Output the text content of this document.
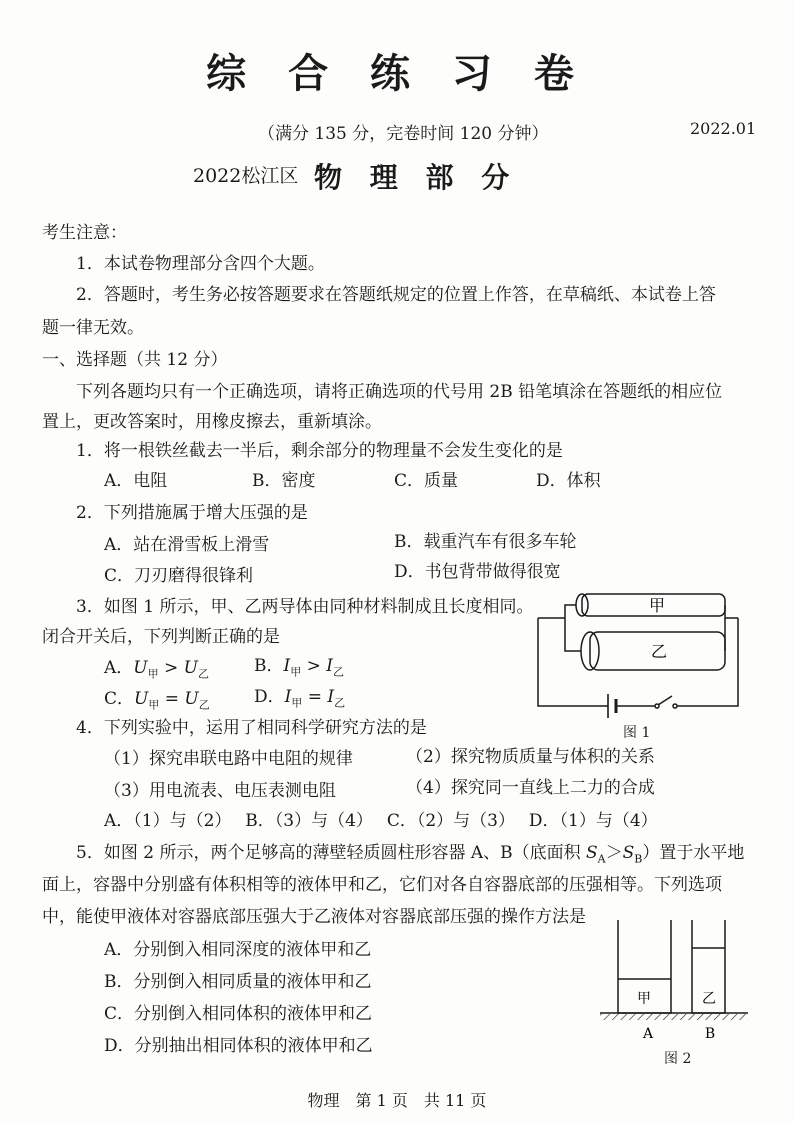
综 合 练 习 卷
（满分 135 分，完卷时间 120 分钟）	2022.01
2022松江区 物 理 部 分
考生注意：
1．本试卷物理部分含四个大题。
2．答题时，考生务必按答题要求在答题纸规定的位置上作答，在草稿纸、本试卷上答
题一律无效。
一、选择题（共 12 分）
下列各题均只有一个正确选项，请将正确选项的代号用 2B 铅笔填涂在答题纸的相应位
置上，更改答案时，用橡皮擦去，重新填涂。
1．将一根铁丝截去一半后，剩余部分的物理量不会发生变化的是
A．电阻	B．密度	C．质量	D．体积
2．下列措施属于增大压强的是
A．站在滑雪板上滑雪	B．载重汽车有很多车轮
C．刀刃磨得很锋利	D．书包背带做得很宽
3．如图 1 所示，甲、乙两导体由同种材料制成且长度相同。
闭合开关后，下列判断正确的是
A．$U_甲 > U_乙$	B．$I_甲 > I_乙$
C．$U_甲 = U_乙$	D．$I_甲 = I_乙$
甲
乙
图 1
4．下列实验中，运用了相同科学研究方法的是
（1）探究串联电路中电阻的规律	（2）探究物质质量与体积的关系
（3）用电流表、电压表测电阻	（4）探究同一直线上二力的合成
A．（1）与（2）　 B．（3）与（4）　 C．（2）与（3）　 D．（1）与（4）
5．如图 2 所示，两个足够高的薄壁轻质圆柱形容器 A、B（底面积 $S_A>S_B$）置于水平地
面上，容器中分别盛有体积相等的液体甲和乙，它们对各自容器底部的压强相等。下列选项
中，能使甲液体对容器底部压强大于乙液体对容器底部压强的操作方法是
A．分别倒入相同深度的液体甲和乙
B．分别倒入相同质量的液体甲和乙
C．分别倒入相同体积的液体甲和乙
D．分别抽出相同体积的液体甲和乙
甲	乙
A	B
图 2
物理　第 1 页　共 11 页
